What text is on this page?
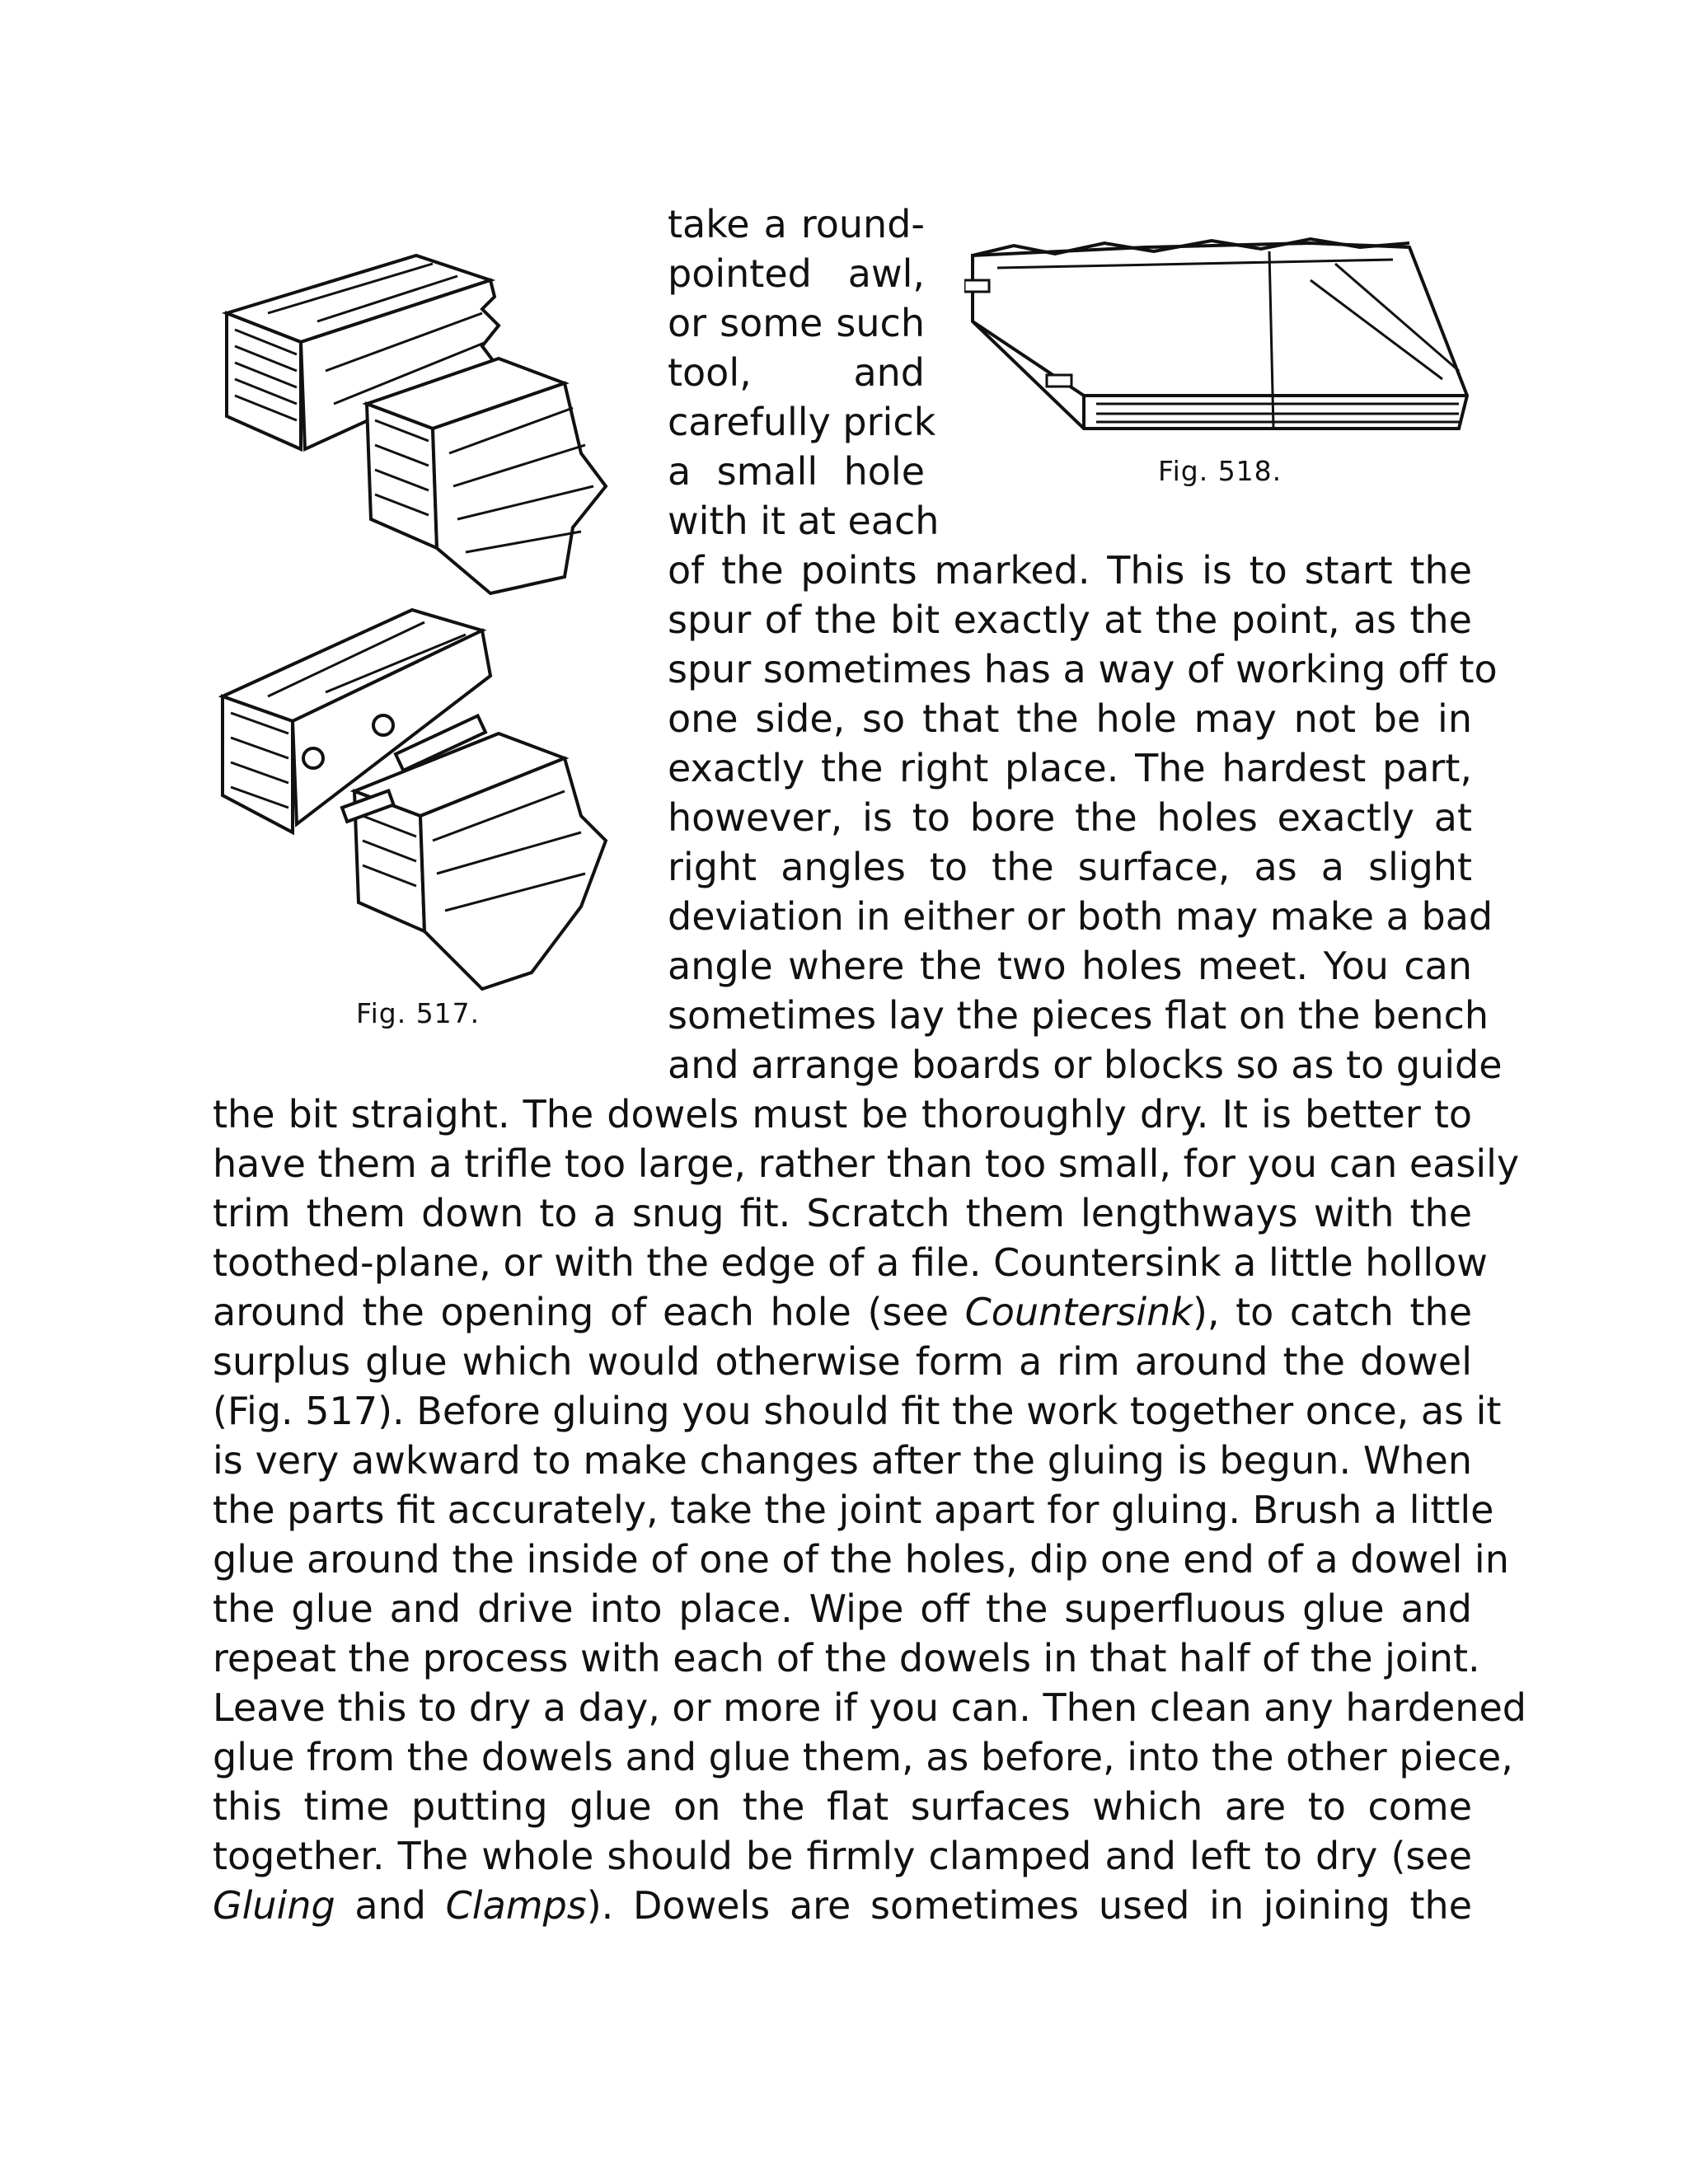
Fig. 517.
Fig. 518.
take a round-
pointed awl,
or some such
tool, and
carefully prick
a small hole
with it at each
of the points marked. This is to start the
spur of the bit exactly at the point, as the
spur sometimes has a way of working off to
one side, so that the hole may not be in
exactly the right place. The hardest part,
however, is to bore the holes exactly at
right angles to the surface, as a slight
deviation in either or both may make a bad
angle where the two holes meet. You can
sometimes lay the pieces flat on the bench
and arrange boards or blocks so as to guide
the bit straight. The dowels must be thoroughly dry. It is better to
have them a trifle too large, rather than too small, for you can easily
trim them down to a snug fit. Scratch them lengthways with the
toothed-plane, or with the edge of a file. Countersink a little hollow
around the opening of each hole (see Countersink), to catch the
surplus glue which would otherwise form a rim around the dowel
(Fig. 517). Before gluing you should fit the work together once, as it
is very awkward to make changes after the gluing is begun. When
the parts fit accurately, take the joint apart for gluing. Brush a little
glue around the inside of one of the holes, dip one end of a dowel in
the glue and drive into place. Wipe off the superfluous glue and
repeat the process with each of the dowels in that half of the joint.
Leave this to dry a day, or more if you can. Then clean any hardened
glue from the dowels and glue them, as before, into the other piece,
this time putting glue on the flat surfaces which are to come
together. The whole should be firmly clamped and left to dry (see
Gluing and Clamps). Dowels are sometimes used in joining the
